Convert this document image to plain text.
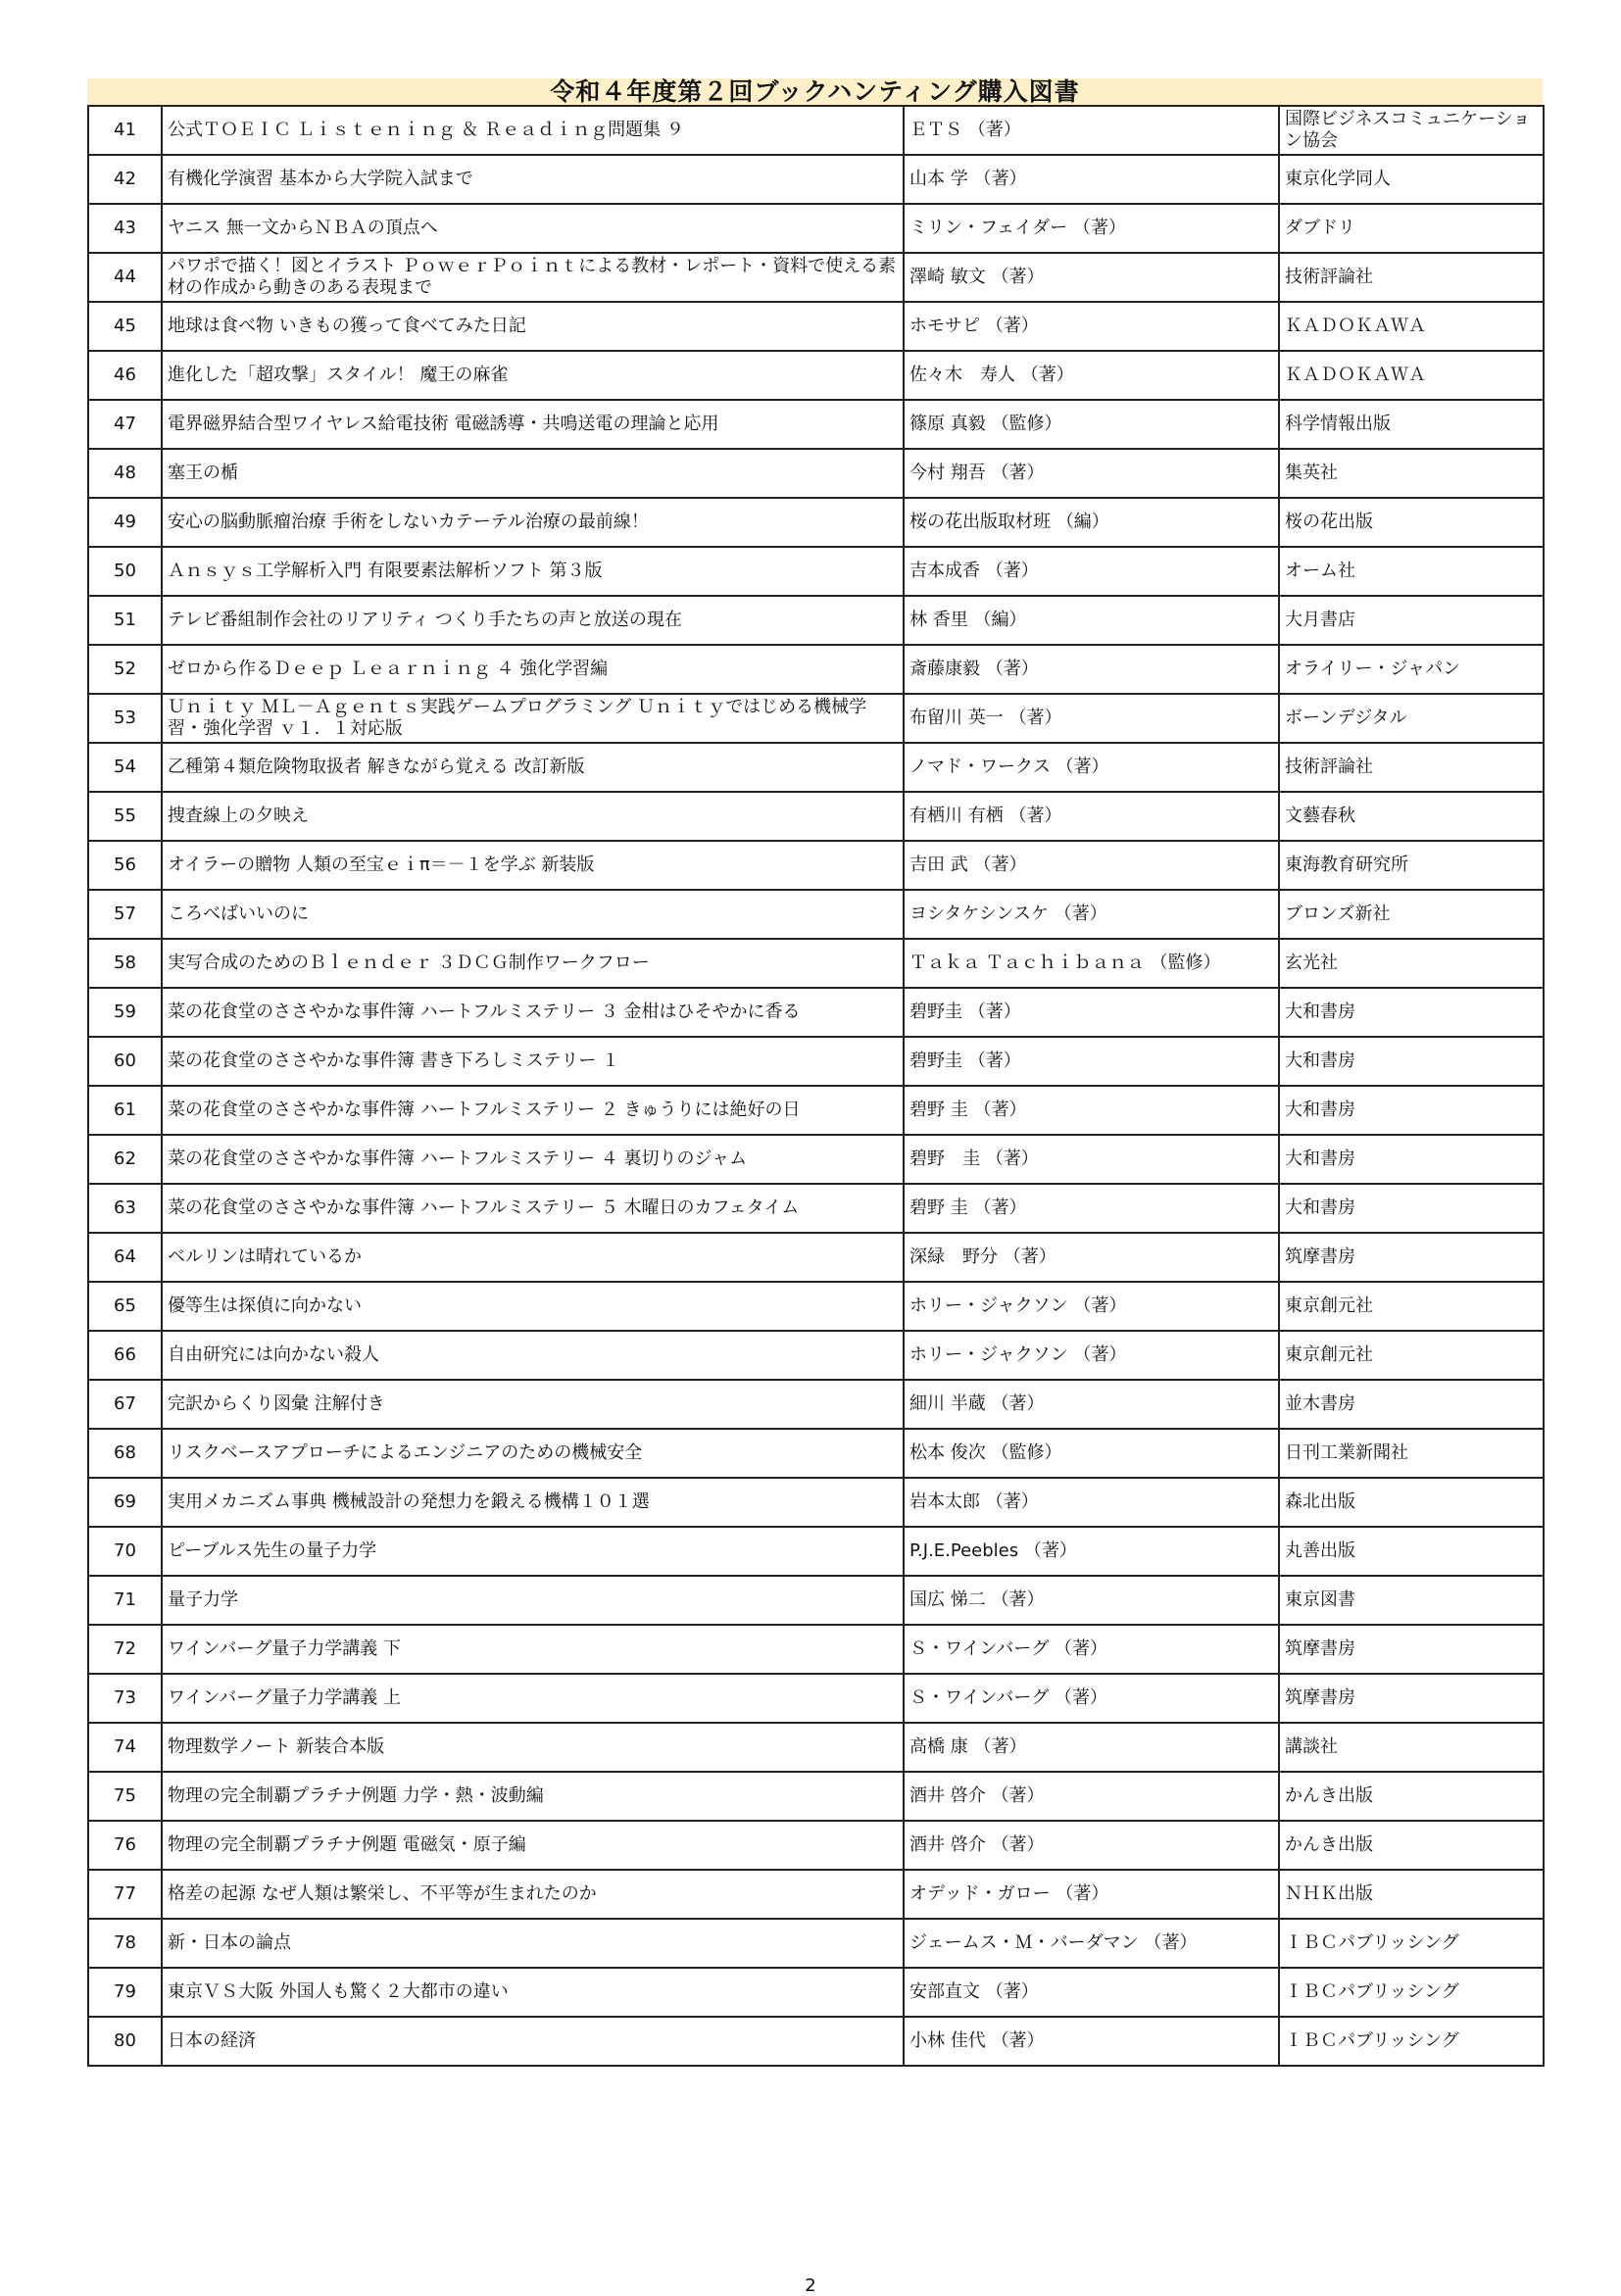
令和４年度第２回ブックハンティング購入図書
41	公式ＴＯＥＩＣ Ｌｉｓｔｅｎｉｎｇ ＆ Ｒｅａｄｉｎｇ問題集 ９	ＥＴＳ （著）	国際ビジネスコミュニケーション協会
42	有機化学演習 基本から大学院入試まで	山本 学 （著）	東京化学同人
43	ヤニス 無一文からＮＢＡの頂点へ	ミリン・フェイダー （著）	ダブドリ
44	パワポで描く！図とイラスト ＰｏｗｅｒＰｏｉｎｔによる教材・レポート・資料で使える素材の作成から動きのある表現まで	澤崎 敏文 （著）	技術評論社
45	地球は食べ物 いきもの獲って食べてみた日記	ホモサピ （著）	ＫＡＤＯＫＡＷＡ
46	進化した「超攻撃」スタイル！ 魔王の麻雀	佐々木　寿人 （著）	ＫＡＤＯＫＡＷＡ
47	電界磁界結合型ワイヤレス給電技術 電磁誘導・共鳴送電の理論と応用	篠原 真毅 （監修）	科学情報出版
48	塞王の楯	今村 翔吾 （著）	集英社
49	安心の脳動脈瘤治療 手術をしないカテーテル治療の最前線！	桜の花出版取材班 （編）	桜の花出版
50	Ａｎｓｙｓ工学解析入門 有限要素法解析ソフト 第３版	吉本成香 （著）	オーム社
51	テレビ番組制作会社のリアリティ つくり手たちの声と放送の現在	林 香里 （編）	大月書店
52	ゼロから作るＤｅｅｐ Ｌｅａｒｎｉｎｇ ４ 強化学習編	斎藤康毅 （著）	オライリー・ジャパン
53	Ｕｎｉｔｙ ＭＬ－Ａｇｅｎｔｓ実践ゲームプログラミング Ｕｎｉｔｙではじめる機械学習・強化学習 ｖ１．１対応版	布留川 英一 （著）	ボーンデジタル
54	乙種第４類危険物取扱者 解きながら覚える 改訂新版	ノマド・ワークス （著）	技術評論社
55	捜査線上の夕映え	有栖川 有栖 （著）	文藝春秋
56	オイラーの贈物 人類の至宝ｅｉπ＝－１を学ぶ 新装版	吉田 武 （著）	東海教育研究所
57	ころべばいいのに	ヨシタケシンスケ （著）	ブロンズ新社
58	実写合成のためのＢｌｅｎｄｅｒ ３ＤＣＧ制作ワークフロー	Ｔａｋａ Ｔａｃｈｉｂａｎａ （監修）	玄光社
59	菜の花食堂のささやかな事件簿 ハートフルミステリー ３ 金柑はひそやかに香る	碧野圭 （著）	大和書房
60	菜の花食堂のささやかな事件簿 書き下ろしミステリー １	碧野圭 （著）	大和書房
61	菜の花食堂のささやかな事件簿 ハートフルミステリー ２ きゅうりには絶好の日	碧野 圭 （著）	大和書房
62	菜の花食堂のささやかな事件簿 ハートフルミステリー ４ 裏切りのジャム	碧野　圭 （著）	大和書房
63	菜の花食堂のささやかな事件簿 ハートフルミステリー ５ 木曜日のカフェタイム	碧野 圭 （著）	大和書房
64	ベルリンは晴れているか	深緑　野分 （著）	筑摩書房
65	優等生は探偵に向かない	ホリー・ジャクソン （著）	東京創元社
66	自由研究には向かない殺人	ホリー・ジャクソン （著）	東京創元社
67	完訳からくり図彙 注解付き	細川 半蔵 （著）	並木書房
68	リスクベースアプローチによるエンジニアのための機械安全	松本 俊次 （監修）	日刊工業新聞社
69	実用メカニズム事典 機械設計の発想力を鍛える機構１０１選	岩本太郎 （著）	森北出版
70	ピーブルス先生の量子力学	P.J.E.Peebles （著）	丸善出版
71	量子力学	国広 悌二 （著）	東京図書
72	ワインバーグ量子力学講義 下	Ｓ・ワインバーグ （著）	筑摩書房
73	ワインバーグ量子力学講義 上	Ｓ・ワインバーグ （著）	筑摩書房
74	物理数学ノート 新装合本版	高橋 康 （著）	講談社
75	物理の完全制覇プラチナ例題 力学・熱・波動編	酒井 啓介 （著）	かんき出版
76	物理の完全制覇プラチナ例題 電磁気・原子編	酒井 啓介 （著）	かんき出版
77	格差の起源 なぜ人類は繁栄し、不平等が生まれたのか	オデッド・ガロー （著）	ＮＨＫ出版
78	新・日本の論点	ジェームス・Ｍ・バーダマン （著）	ＩＢＣパブリッシング
79	東京ＶＳ大阪 外国人も驚く２大都市の違い	安部直文 （著）	ＩＢＣパブリッシング
80	日本の経済	小林 佳代 （著）	ＩＢＣパブリッシング
2
